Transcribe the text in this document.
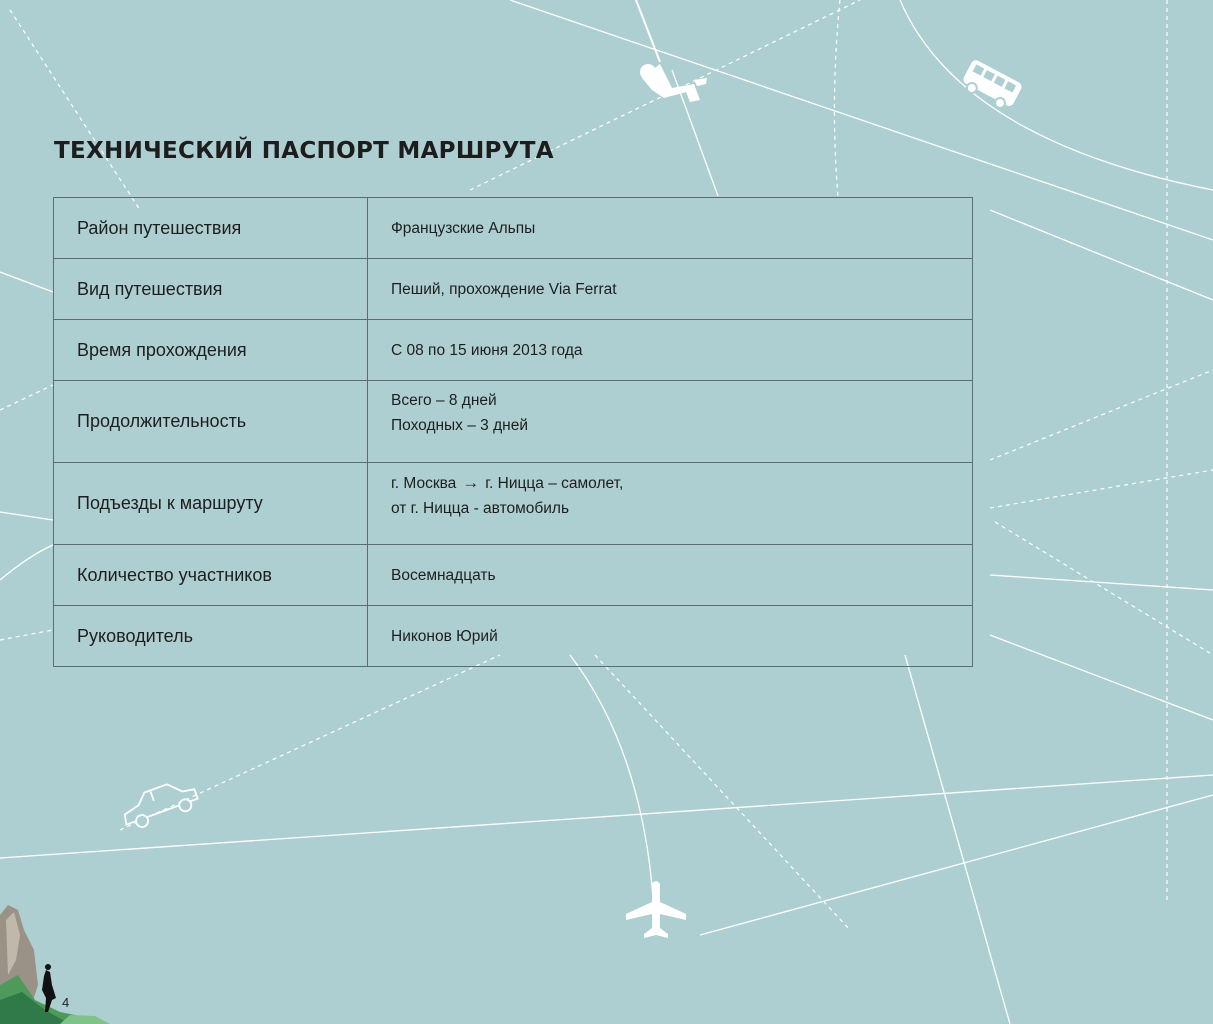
ТЕХНИЧЕСКИЙ ПАСПОРТ МАРШРУТА
Район путешествия	Французские Альпы

Вид путешествия	Пеший, прохождение Via Ferrat

Время прохождения	С 08 по 15 июня 2013 года

Продолжительность	Всего – 8 дней
Походных – 3 дней

Подъезды к маршруту	г. Москва → г. Ницца – самолет,
от г. Ницца - автомобиль

Количество участников	Восемнадцать

Руководитель	Никонов Юрий
4
